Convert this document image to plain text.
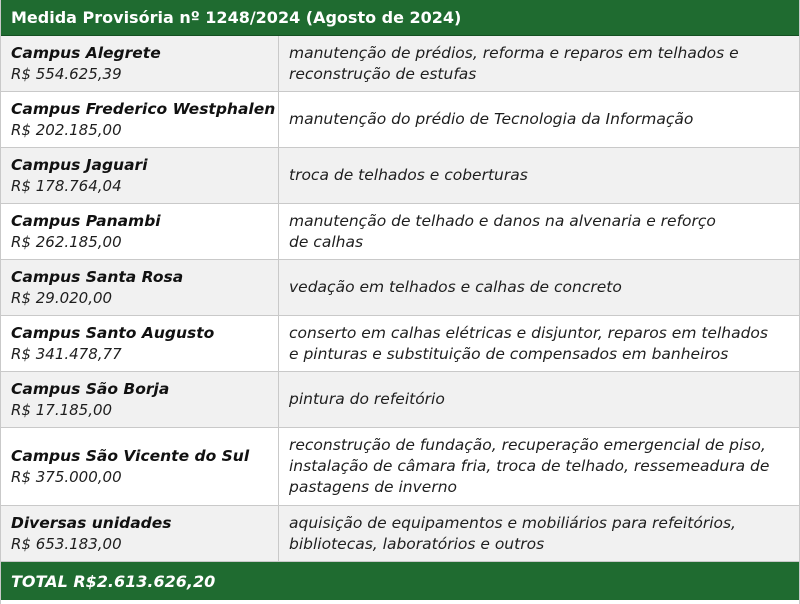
Medida Provisória nº 1248/2024 (Agosto de 2024)
Campus Alegrete
R$ 554.625,39
manutenção de prédios, reforma e reparos em telhados e
reconstrução de estufas
Campus Frederico Westphalen
R$ 202.185,00
manutenção do prédio de Tecnologia da Informação
Campus Jaguari
R$ 178.764,04
troca de telhados e coberturas
Campus Panambi
R$ 262.185,00
manutenção de telhado e danos na alvenaria e reforço
de calhas
Campus Santa Rosa
R$ 29.020,00
vedação em telhados e calhas de concreto
Campus Santo Augusto
R$ 341.478,77
conserto em calhas elétricas e disjuntor, reparos em telhados
e pinturas e substituição de compensados em banheiros
Campus São Borja
R$ 17.185,00
pintura do refeitório
Campus São Vicente do Sul
R$ 375.000,00
reconstrução de fundação, recuperação emergencial de piso,
instalação de câmara fria, troca de telhado, ressemeadura de
pastagens de inverno
Diversas unidades
R$ 653.183,00
aquisição de equipamentos e mobiliários para refeitórios,
bibliotecas, laboratórios e outros
TOTAL R$2.613.626,20
